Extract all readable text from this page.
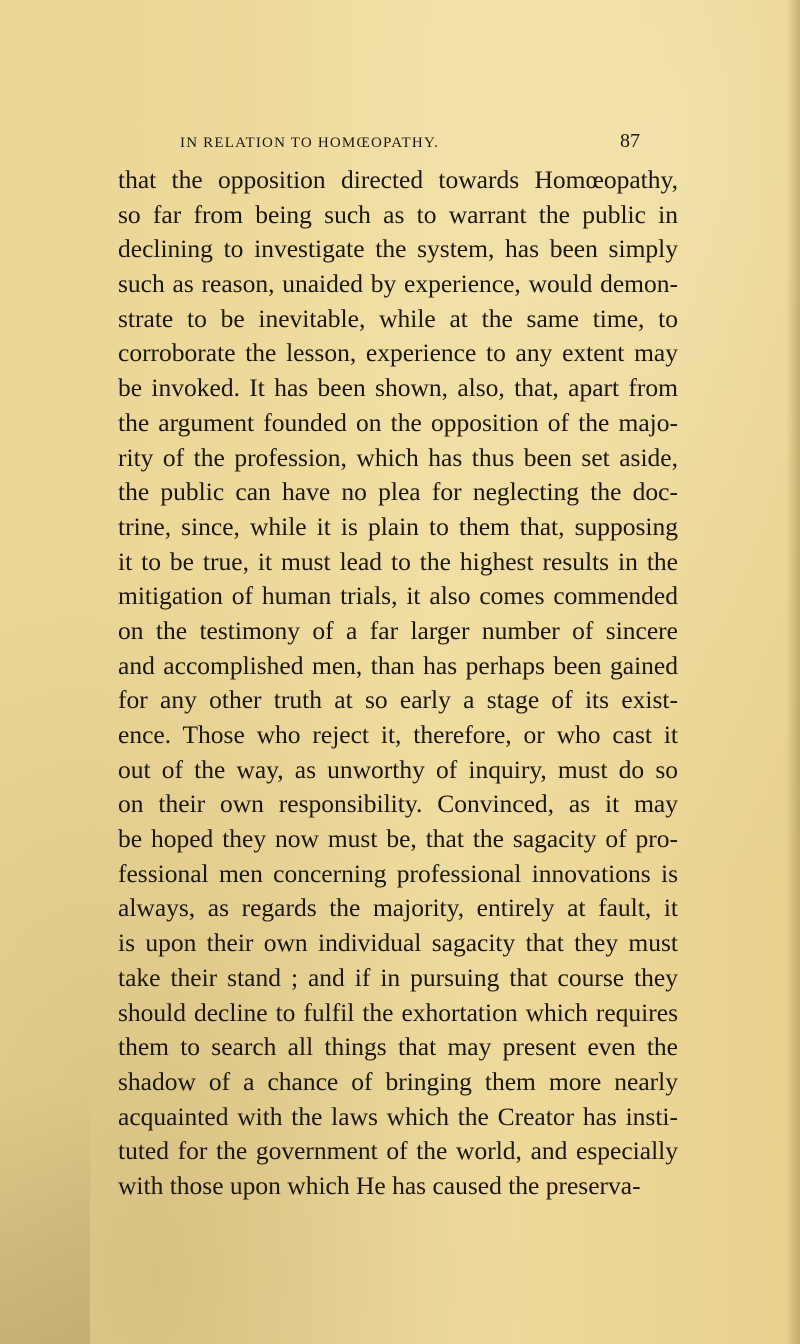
IN RELATION TO HOMŒOPATHY.	87
that the opposition directed towards Homœopathy,
so far from being such as to warrant the public in
declining to investigate the system, has been simply
such as reason, unaided by experience, would demon-
strate to be inevitable, while at the same time, to
corroborate the lesson, experience to any extent may
be invoked. It has been shown, also, that, apart from
the argument founded on the opposition of the majo-
rity of the profession, which has thus been set aside,
the public can have no plea for neglecting the doc-
trine, since, while it is plain to them that, supposing
it to be true, it must lead to the highest results in the
mitigation of human trials, it also comes commended
on the testimony of a far larger number of sincere
and accomplished men, than has perhaps been gained
for any other truth at so early a stage of its exist-
ence. Those who reject it, therefore, or who cast it
out of the way, as unworthy of inquiry, must do so
on their own responsibility. Convinced, as it may
be hoped they now must be, that the sagacity of pro-
fessional men concerning professional innovations is
always, as regards the majority, entirely at fault, it
is upon their own individual sagacity that they must
take their stand ; and if in pursuing that course they
should decline to fulfil the exhortation which requires
them to search all things that may present even the
shadow of a chance of bringing them more nearly
acquainted with the laws which the Creator has insti-
tuted for the government of the world, and especially
with those upon which He has caused the preserva-
